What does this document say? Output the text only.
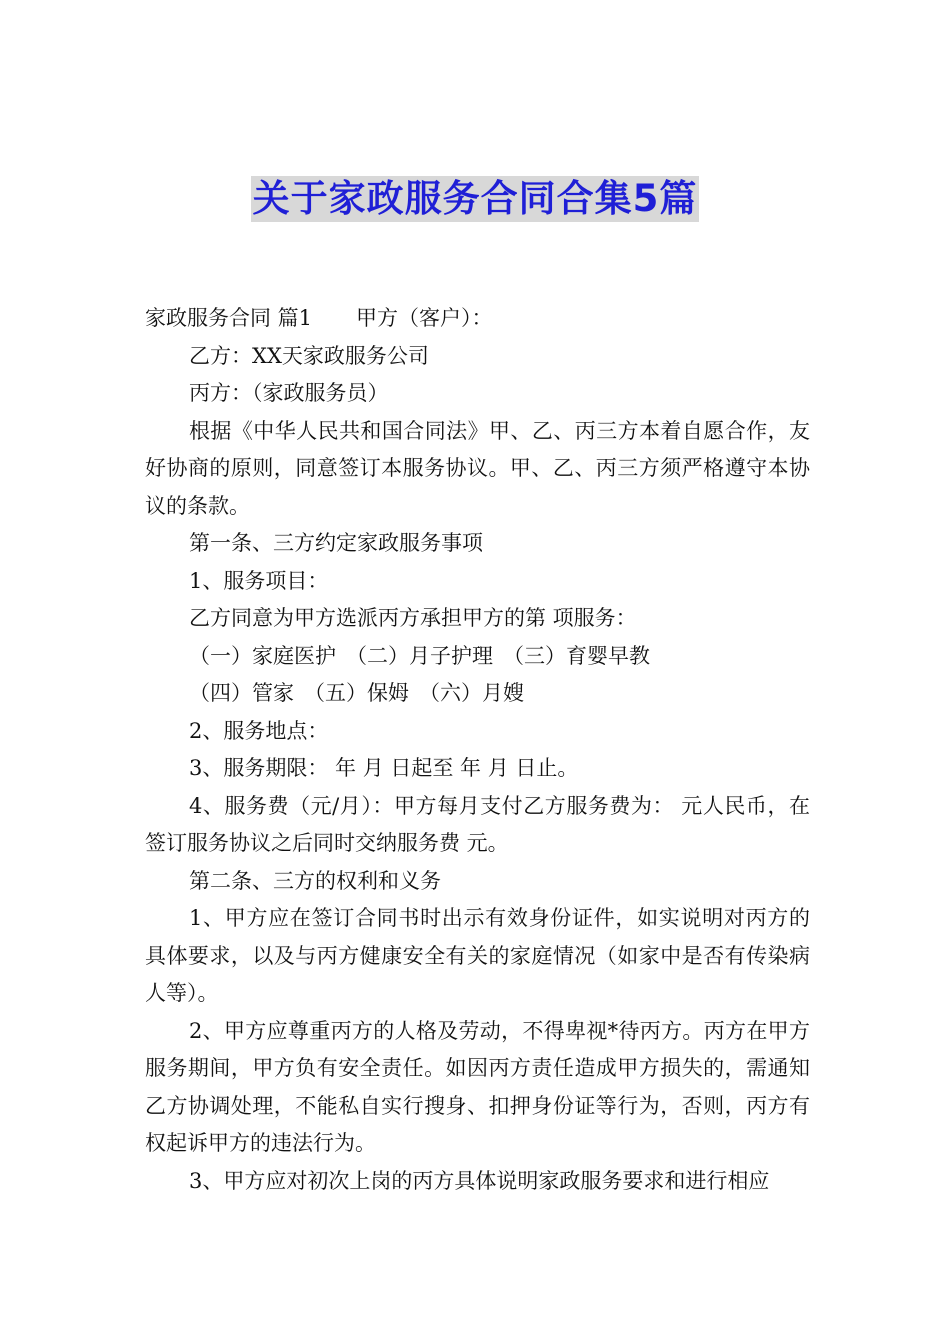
关于家政服务合同合集5篇

家政服务合同 篇1 甲方（客户）：

乙方：XX天家政服务公司

丙方：（家政服务员）

根据《中华人民共和国合同法》甲、乙、丙三方本着自愿合作，友好协商的原则，同意签订本服务协议。甲、乙、丙三方须严格遵守本协议的条款。

第一条、三方约定家政服务事项

1、服务项目：

乙方同意为甲方选派丙方承担甲方的第 项服务：

（一）家庭医护 （二）月子护理 （三）育婴早教

（四）管家 （五）保姆 （六）月嫂

2、服务地点：

3、服务期限： 年 月 日起至 年 月 日止。

4、服务费（元/月）：甲方每月支付乙方服务费为： 元人民币，在签订服务协议之后同时交纳服务费 元。

第二条、三方的权利和义务

1、甲方应在签订合同书时出示有效身份证件，如实说明对丙方的具体要求，以及与丙方健康安全有关的家庭情况（如家中是否有传染病人等）。

2、甲方应尊重丙方的人格及劳动，不得卑视*待丙方。丙方在甲方服务期间，甲方负有安全责任。如因丙方责任造成甲方损失的，需通知乙方协调处理，不能私自实行搜身、扣押身份证等行为，否则，丙方有权起诉甲方的违法行为。

3、甲方应对初次上岗的丙方具体说明家政服务要求和进行相应
